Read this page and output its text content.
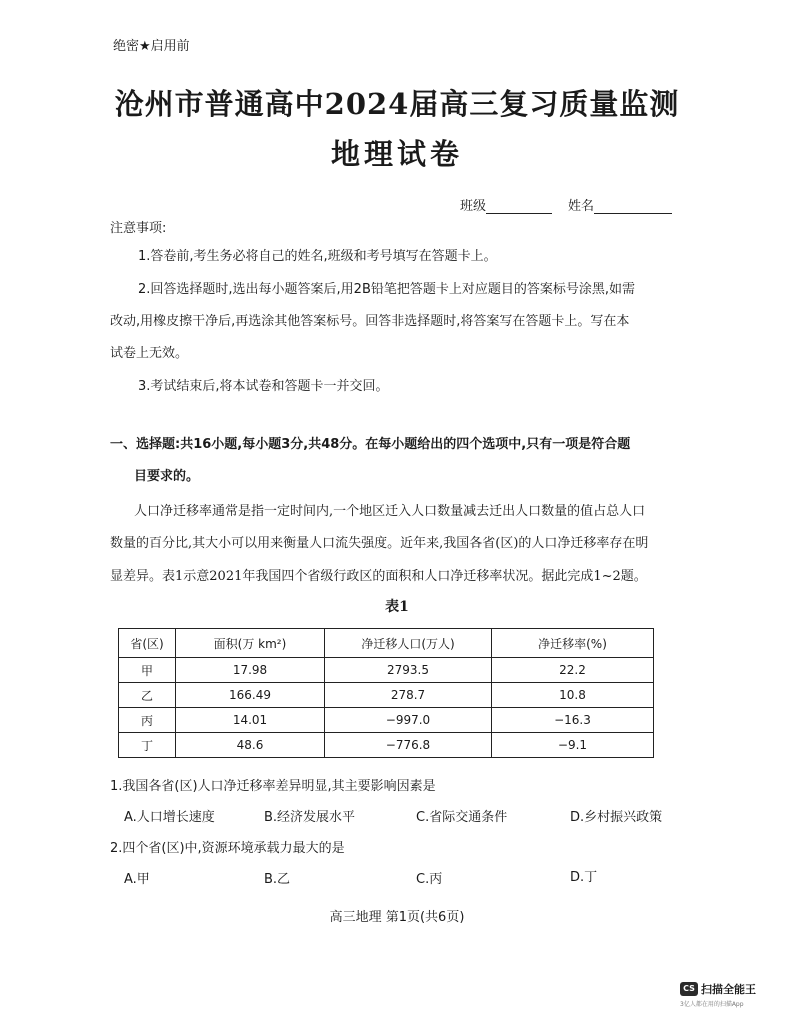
绝密★启用前
沧州市普通高中2024届高三复习质量监测
地理试卷
班级	姓名
注意事项:
1.答卷前,考生务必将自己的姓名,班级和考号填写在答题卡上。
2.回答选择题时,选出每小题答案后,用2B铅笔把答题卡上对应题目的答案标号涂黑,如需
改动,用橡皮擦干净后,再选涂其他答案标号。回答非选择题时,将答案写在答题卡上。写在本
试卷上无效。
3.考试结束后,将本试卷和答题卡一并交回。
一、选择题:共16小题,每小题3分,共48分。在每小题给出的四个选项中,只有一项是符合题
目要求的。
人口净迁移率通常是指一定时间内,一个地区迁入人口数量减去迁出人口数量的值占总人口
数量的百分比,其大小可以用来衡量人口流失强度。近年来,我国各省(区)的人口净迁移率存在明
显差异。表1示意2021年我国四个省级行政区的面积和人口净迁移率状况。据此完成1~2题。
表1
省(区)	面积(万 km²)	净迁移人口(万人)	净迁移率(%)
甲	17.98	2793.5	22.2
乙	166.49	278.7	10.8
丙	14.01	−997.0	−16.3
丁	48.6	−776.8	−9.1
1.我国各省(区)人口净迁移率差异明显,其主要影响因素是
A.人口增长速度	B.经济发展水平	C.省际交通条件	D.乡村振兴政策
2.四个省(区)中,资源环境承载力最大的是
A.甲	B.乙	C.丙	D.丁
高三地理 第1页(共6页)
CS 扫描全能王
3亿人都在用的扫描App
